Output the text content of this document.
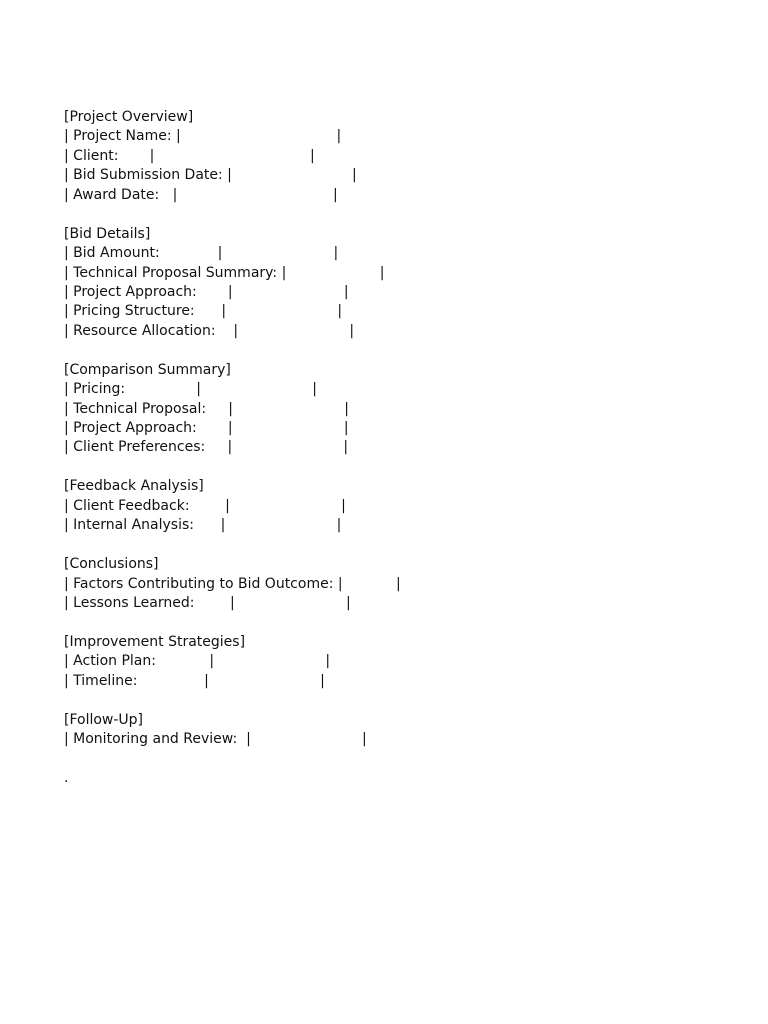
[Project Overview]
| Project Name: |                                   |
| Client:       |                                   |
| Bid Submission Date: |                           |
| Award Date:   |                                   |
[Bid Details]
| Bid Amount:             |                         |
| Technical Proposal Summary: |                     |
| Project Approach:       |                         |
| Pricing Structure:      |                         |
| Resource Allocation:    |                         |
[Comparison Summary]
| Pricing:                |                         |
| Technical Proposal:     |                         |
| Project Approach:       |                         |
| Client Preferences:     |                         |
[Feedback Analysis]
| Client Feedback:        |                         |
| Internal Analysis:      |                         |
[Conclusions]
| Factors Contributing to Bid Outcome: |            |
| Lessons Learned:        |                         |
[Improvement Strategies]
| Action Plan:            |                         |
| Timeline:               |                         |
[Follow-Up]
| Monitoring and Review:  |                         |
.
